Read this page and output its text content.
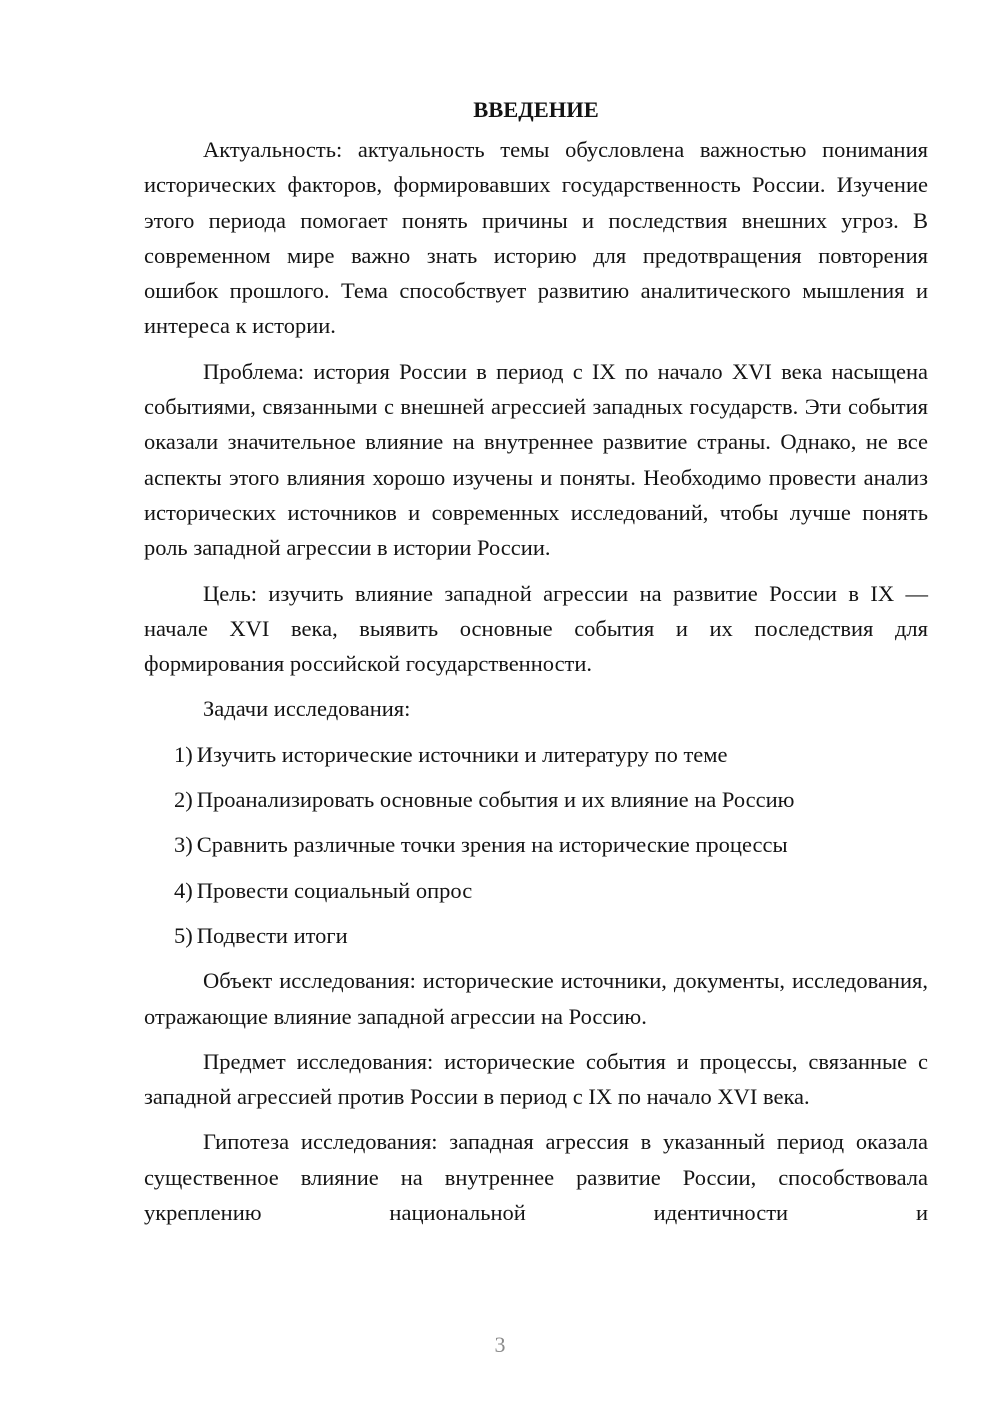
ВВЕДЕНИЕ

Актуальность: актуальность темы обусловлена важностью понимания исторических факторов, формировавших государственность России. Изучение этого периода помогает понять причины и последствия внешних угроз. В современном мире важно знать историю для предотвращения повторения ошибок прошлого. Тема способствует развитию аналитического мышления и интереса к истории.

Проблема: история России в период с IX по начало XVI века насыщена событиями, связанными с внешней агрессией западных государств. Эти события оказали значительное влияние на внутреннее развитие страны. Однако, не все аспекты этого влияния хорошо изучены и поняты. Необходимо провести анализ исторических источников и современных исследований, чтобы лучше понять роль западной агрессии в истории России.

Цель: изучить влияние западной агрессии на развитие России в IX — начале XVI века, выявить основные события и их последствия для формирования российской государственности.

Задачи исследования:

1) Изучить исторические источники и литературу по теме
2) Проанализировать основные события и их влияние на Россию
3) Сравнить различные точки зрения на исторические процессы
4) Провести социальный опрос
5) Подвести итоги

Объект исследования: исторические источники, документы, исследования, отражающие влияние западной агрессии на Россию.

Предмет исследования: исторические события и процессы, связанные с западной агрессией против России в период с IX по начало XVI века.

Гипотеза исследования: западная агрессия в указанный период оказала существенное влияние на внутреннее развитие России, способствовала укреплению национальной идентичности и

3
